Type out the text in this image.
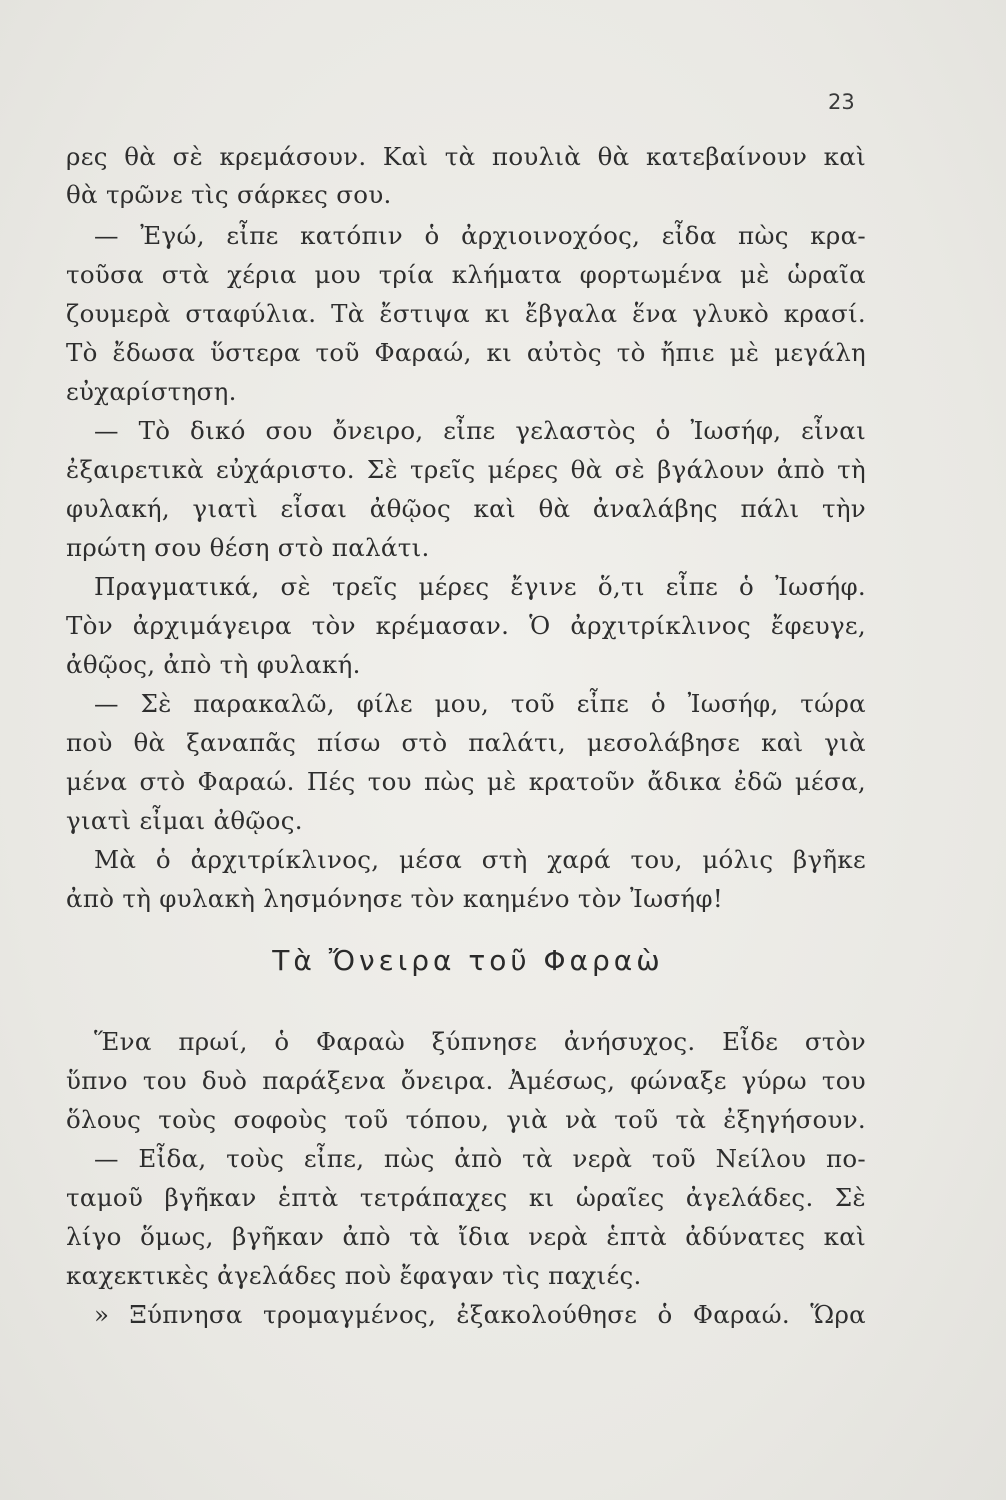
23
ρες θὰ σὲ κρεμάσουν. Καὶ τὰ πουλιὰ θὰ κατεβαίνουν καὶ
θὰ τρῶνε τὶς σάρκες σου.
— Ἐγώ, εἶπε κατόπιν ὁ ἀρχιοινοχόος, εἶδα πὼς κρα-
τοῦσα στὰ χέρια μου τρία κλήματα φορτωμένα μὲ ὡραῖα
ζουμερὰ σταφύλια. Τὰ ἔστιψα κι ἔβγαλα ἕνα γλυκὸ κρασί.
Τὸ ἔδωσα ὕστερα τοῦ Φαραώ, κι αὐτὸς τὸ ἤπιε μὲ μεγάλη
εὐχαρίστηση.
— Τὸ δικό σου ὄνειρο, εἶπε γελαστὸς ὁ Ἰωσήφ, εἶναι
ἐξαιρετικὰ εὐχάριστο. Σὲ τρεῖς μέρες θὰ σὲ βγάλουν ἀπὸ τὴ
φυλακή, γιατὶ εἶσαι ἀθῷος καὶ θὰ ἀναλάβης πάλι τὴν
πρώτη σου θέση στὸ παλάτι.
Πραγματικά, σὲ τρεῖς μέρες ἔγινε ὅ,τι εἶπε ὁ Ἰωσήφ.
Τὸν ἀρχιμάγειρα τὸν κρέμασαν. Ὁ ἀρχιτρίκλινος ἔφευγε,
ἀθῷος, ἀπὸ τὴ φυλακή.
— Σὲ παρακαλῶ, φίλε μου, τοῦ εἶπε ὁ Ἰωσήφ, τώρα
ποὺ θὰ ξαναπᾶς πίσω στὸ παλάτι, μεσολάβησε καὶ γιὰ
μένα στὸ Φαραώ. Πές του πὼς μὲ κρατοῦν ἄδικα ἐδῶ μέσα,
γιατὶ εἶμαι ἀθῷος.
Μὰ ὁ ἀρχιτρίκλινος, μέσα στὴ χαρά του, μόλις βγῆκε
ἀπὸ τὴ φυλακὴ λησμόνησε τὸν καημένο τὸν Ἰωσήφ!
Τὰ Ὄνειρα τοῦ Φαραὼ
Ἕνα πρωί, ὁ Φαραὼ ξύπνησε ἀνήσυχος. Εἶδε στὸν
ὕπνο του δυὸ παράξενα ὄνειρα. Ἀμέσως, φώναξε γύρω του
ὅλους τοὺς σοφοὺς τοῦ τόπου, γιὰ νὰ τοῦ τὰ ἐξηγήσουν.
— Εἶδα, τοὺς εἶπε, πὼς ἀπὸ τὰ νερὰ τοῦ Νείλου πο-
ταμοῦ βγῆκαν ἑπτὰ τετράπαχες κι ὡραῖες ἀγελάδες. Σὲ
λίγο ὅμως, βγῆκαν ἀπὸ τὰ ἴδια νερὰ ἑπτὰ ἀδύνατες καὶ
καχεκτικὲς ἀγελάδες ποὺ ἔφαγαν τὶς παχιές.
» Ξύπνησα τρομαγμένος, ἐξακολούθησε ὁ Φαραώ. Ὥρα
